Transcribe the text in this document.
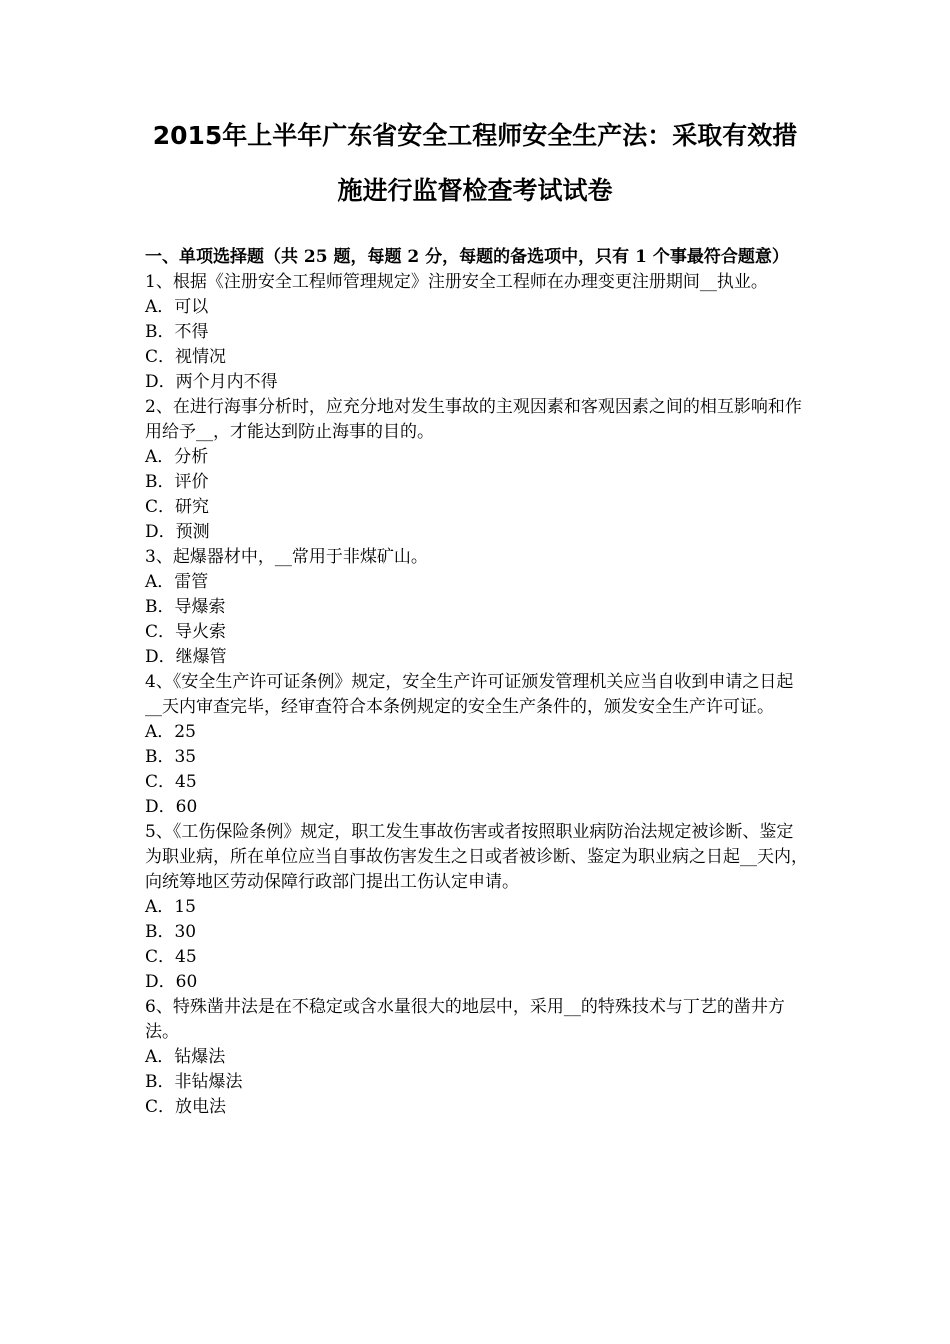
2015年上半年广东省安全工程师安全生产法：采取有效措
施进行监督检查考试试卷
一、单项选择题（共 25 题，每题 2 分，每题的备选项中，只有 1 个事最符合题意）
1、根据《注册安全工程师管理规定》注册安全工程师在办理变更注册期间__执业。
A．可以
B．不得
C．视情况
D．两个月内不得
2、在进行海事分析时，应充分地对发生事故的主观因素和客观因素之间的相互影响和作用给予__，才能达到防止海事的目的。
A．分析
B．评价
C．研究
D．预测
3、起爆器材中，__常用于非煤矿山。
A．雷管
B．导爆索
C．导火索
D．继爆管
4、《安全生产许可证条例》规定，安全生产许可证颁发管理机关应当自收到申请之日起__天内审查完毕，经审查符合本条例规定的安全生产条件的，颁发安全生产许可证。
A．25
B．35
C．45
D．60
5、《工伤保险条例》规定，职工发生事故伤害或者按照职业病防治法规定被诊断、鉴定为职业病，所在单位应当自事故伤害发生之日或者被诊断、鉴定为职业病之日起__天内，向统筹地区劳动保障行政部门提出工伤认定申请。
A．15
B．30
C．45
D．60
6、特殊凿井法是在不稳定或含水量很大的地层中，采用__的特殊技术与丁艺的凿井方法。
A．钻爆法
B．非钻爆法
C．放电法
